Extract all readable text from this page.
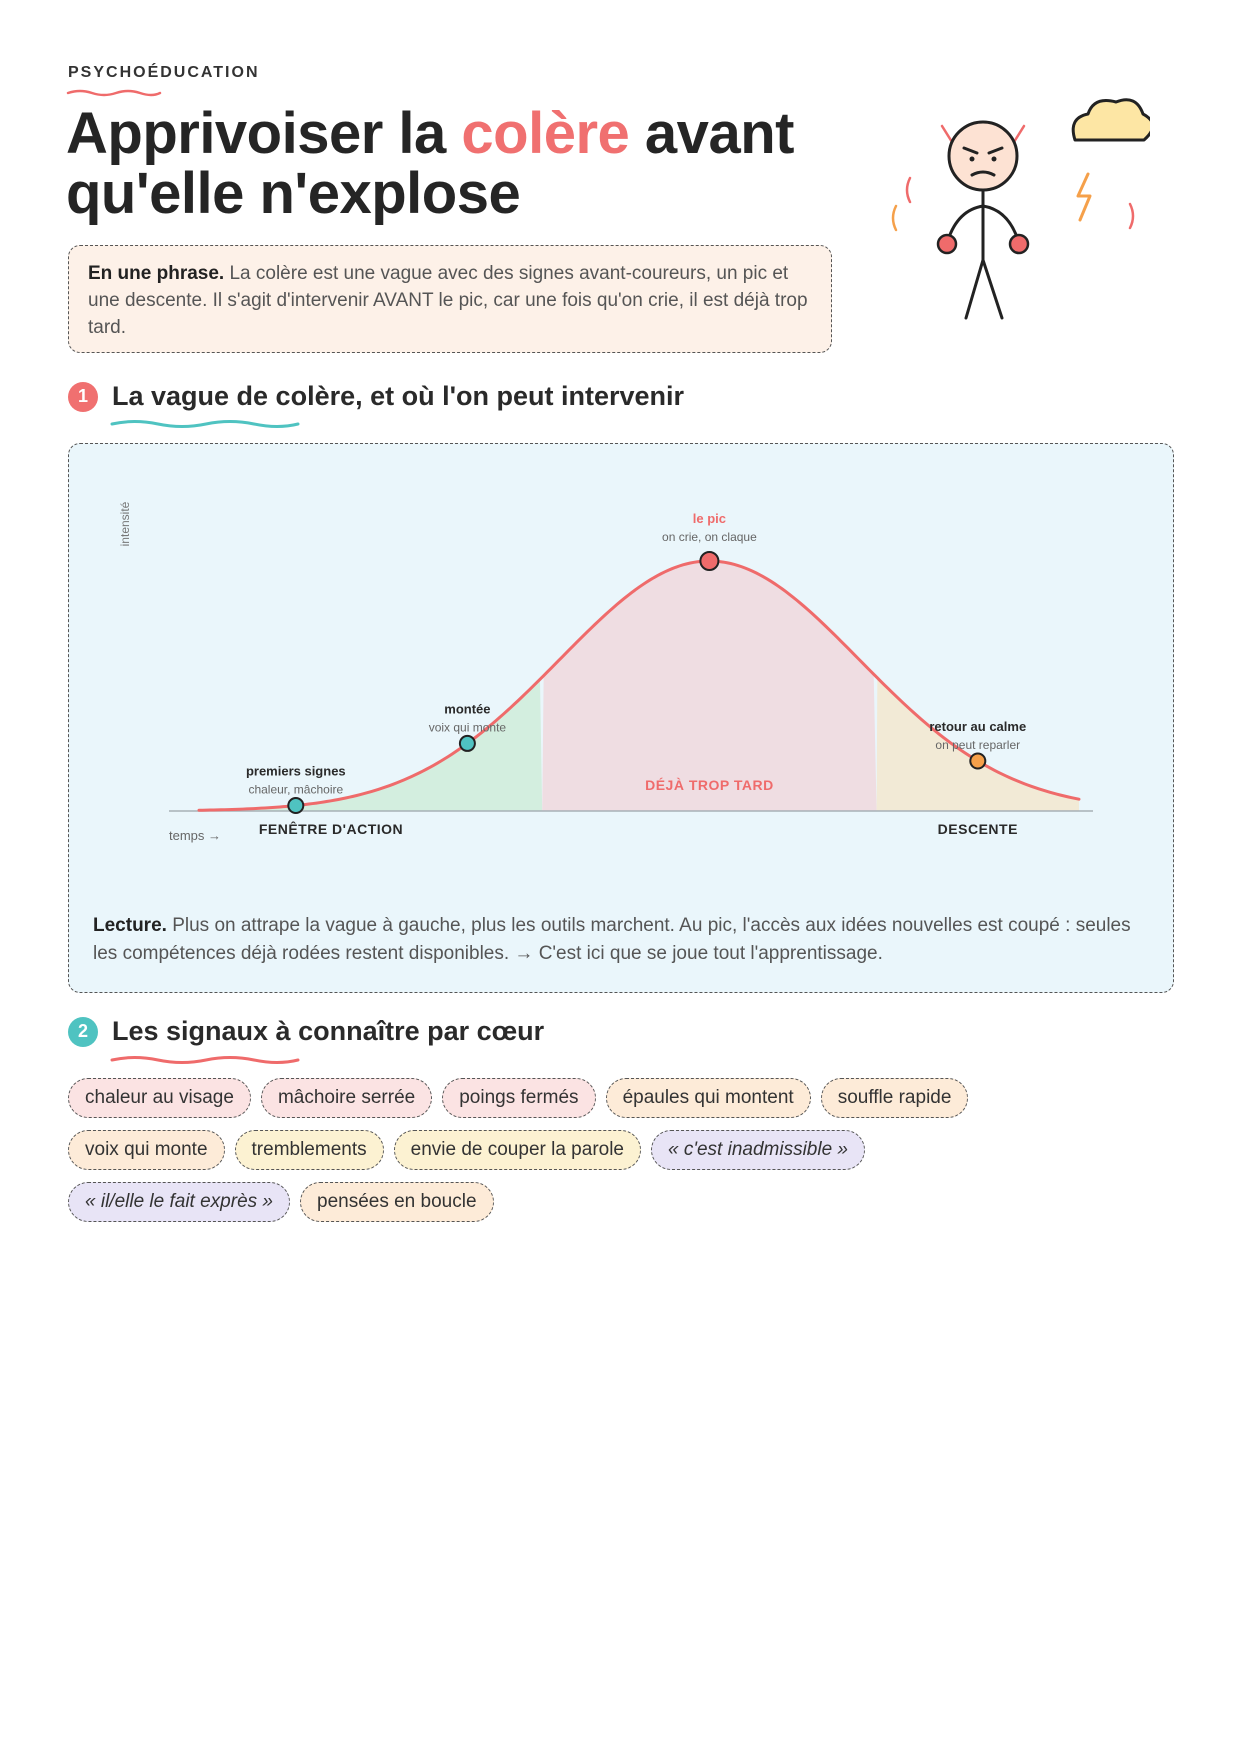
PSYCHOÉDUCATION
Apprivoiser la colère avant
qu'elle n'explose
En une phrase. La colère est une vague avec des signes avant-coureurs, un pic et une descente. Il s'agit d'intervenir AVANT le pic, car une fois qu'on crie, il est déjà trop tard.
1 La vague de colère, et où l'on peut intervenir
intensité
temps →	FENÊTRE D'ACTION
DÉJÀ TROP TARD
DESCENTE
premiers signes
chaleur, mâchoire
montée
voix qui monte
le pic
on crie, on claque
retour au calme
on peut reparler
Lecture. Plus on attrape la vague à gauche, plus les outils marchent. Au pic, l'accès aux idées nouvelles est coupé : seules les compétences déjà rodées restent disponibles. → C'est ici que se joue tout l'apprentissage.
2 Les signaux à connaître par cœur
chaleur au visage	mâchoire serrée	poings fermés	épaules qui montent	souffle rapide
voix qui monte	tremblements	envie de couper la parole	« c'est inadmissible »
« il/elle le fait exprès »	pensées en boucle
